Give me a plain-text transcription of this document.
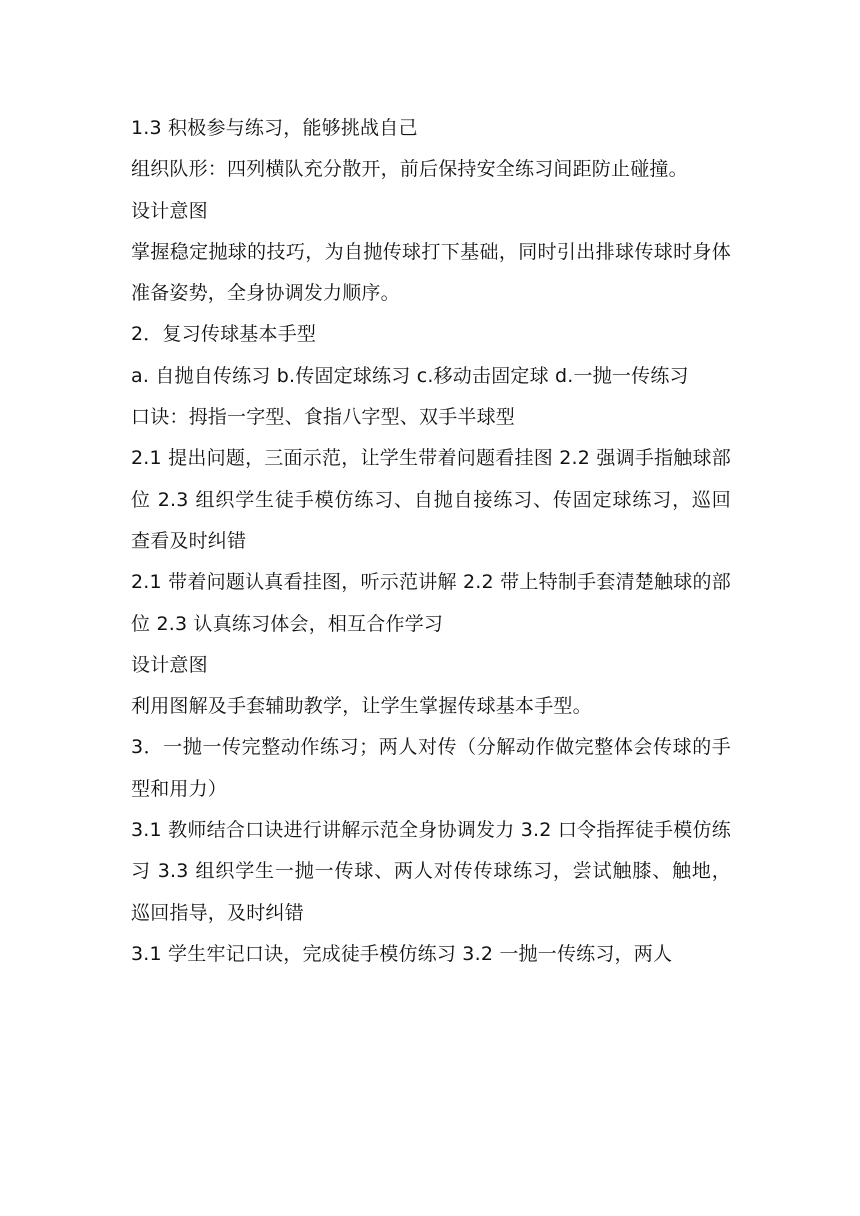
1.3 积极参与练习，能够挑战自己

组织队形：四列横队充分散开，前后保持安全练习间距防止碰撞。

设计意图

掌握稳定抛球的技巧，为自抛传球打下基础，同时引出排球传球时身体准备姿势，全身协调发力顺序。

2．复习传球基本手型

a. 自抛自传练习 b.传固定球练习 c.移动击固定球 d.一抛一传练习

口诀：拇指一字型、食指八字型、双手半球型

2.1 提出问题，三面示范，让学生带着问题看挂图 2.2 强调手指触球部位 2.3 组织学生徒手模仿练习、自抛自接练习、传固定球练习，巡回查看及时纠错

2.1 带着问题认真看挂图，听示范讲解 2.2 带上特制手套清楚触球的部位 2.3 认真练习体会，相互合作学习

设计意图

利用图解及手套辅助教学，让学生掌握传球基本手型。

3．一抛一传完整动作练习；两人对传（分解动作做完整体会传球的手型和用力）

3.1 教师结合口诀进行讲解示范全身协调发力 3.2 口令指挥徒手模仿练习 3.3 组织学生一抛一传球、两人对传传球练习，尝试触膝、触地，巡回指导，及时纠错

3.1 学生牢记口诀，完成徒手模仿练习 3.2 一抛一传练习，两人
